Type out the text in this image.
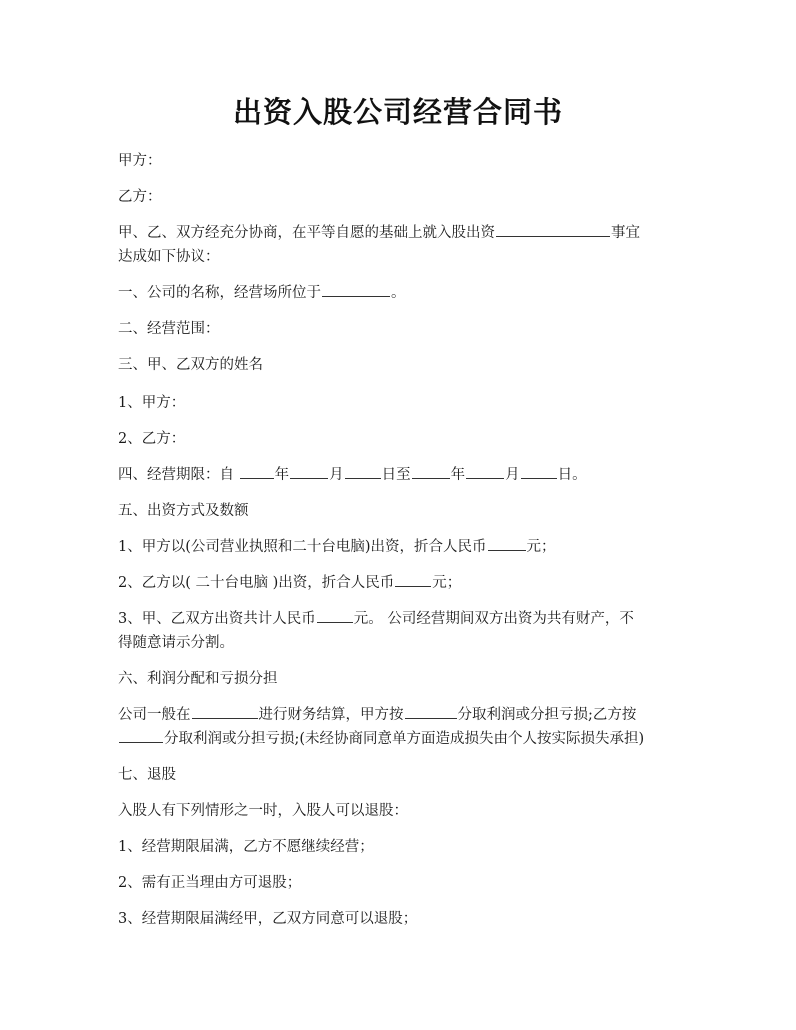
出资入股公司经营合同书
甲方：
乙方：
甲、乙、双方经充分协商，在平等自愿的基础上就入股出资	事宜
达成如下协议：
一、公司的名称，经营场所位于	。
二、经营范围：
三、甲、乙双方的姓名
1、甲方：
2、乙方：
四、经营期限：自	年	月	日至	年	月	日。
五、出资方式及数额
1、甲方以(公司营业执照和二十台电脑)出资，折合人民币	元；
2、乙方以( 二十台电脑 )出资，折合人民币	元；
3、甲、乙双方出资共计人民币	元。 公司经营期间双方出资为共有财产，不
得随意请示分割。
六、利润分配和亏损分担
公司一般在	进行财务结算，甲方按	分取利润或分担亏损;乙方按
分取利润或分担亏损;(未经协商同意单方面造成损失由个人按实际损失承担)
七、退股
入股人有下列情形之一时，入股人可以退股：
1、经营期限届满，乙方不愿继续经营；
2、需有正当理由方可退股；
3、经营期限届满经甲，乙双方同意可以退股；
